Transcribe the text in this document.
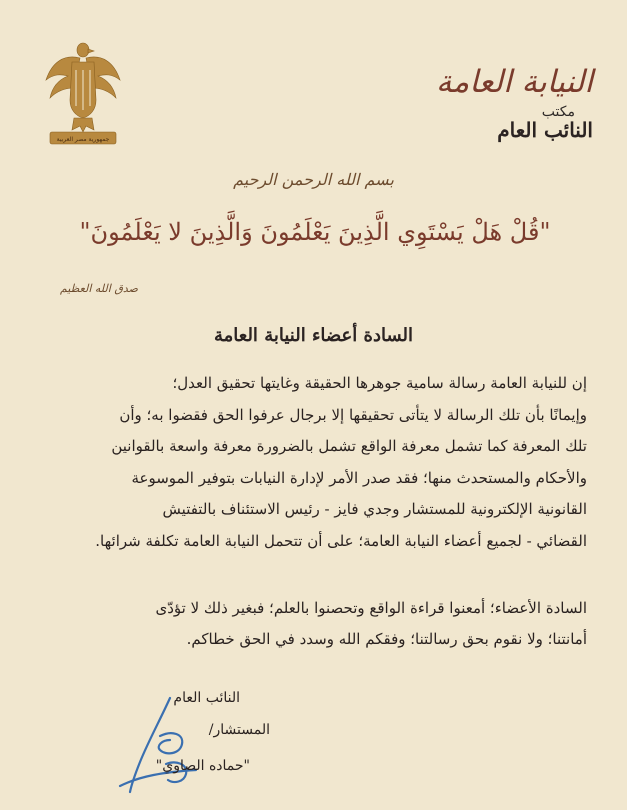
جمهورية مصر العربية
النيابة العامة
مكتب
النائب العام
بسم الله الرحمن الرحيم
"قُلْ هَلْ يَسْتَوِي الَّذِينَ يَعْلَمُونَ وَالَّذِينَ لا يَعْلَمُونَ"
صدق الله العظيم
السادة أعضاء النيابة العامة

إن للنيابة العامة رسالة سامية جوهرها الحقيقة وغايتها تحقيق العدل؛

وإيمانًا بأن تلك الرسالة لا يتأتى تحقيقها إلا برجال عرفوا الحق فقضوا به؛ وأن

تلك المعرفة كما تشمل معرفة الواقع تشمل بالضرورة معرفة واسعة بالقوانين

والأحكام والمستحدث منها؛ فقد صدر الأمر لإدارة النيابات بتوفير الموسوعة

القانونية الإلكترونية للمستشار وجدي فايز - رئيس الاستئناف بالتفتيش

القضائي - لجميع أعضاء النيابة العامة؛ على أن تتحمل النيابة العامة تكلفة شرائها.

السادة الأعضاء؛ أمعنوا قراءة الواقع وتحصنوا بالعلم؛ فبغير ذلك لا تؤدّى

أمانتنا؛ ولا نقوم بحق رسالتنا؛ وفقكم الله وسدد في الحق خطاكم.

النائب العام
المستشار/
"حماده الصاوي"
